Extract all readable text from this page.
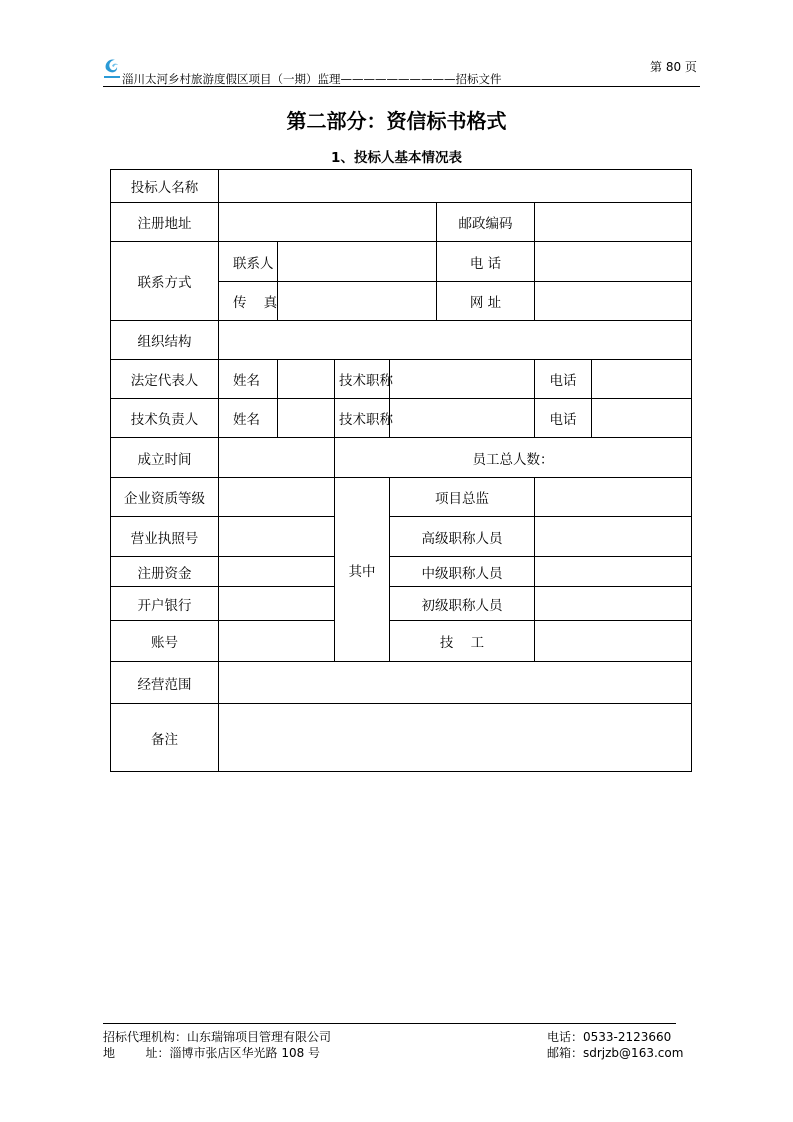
淄川太河乡村旅游度假区项目（一期）监理——————————招标文件
第 80 页
第二部分：资信标书格式
1、投标人基本情况表
投标人名称							
注册地址					邮政编码		
联系方式	联系人				电 话		
	传    真				网 址		
组织结构							
法定代表人	姓名		技术职称			电话	
技术负责人	姓名		技术职称			电话	
成立时间			员工总人数：				
企业资质等级			其中	项目总监			
营业执照号				高级职称人员			
注册资金				中级职称人员			
开户银行				初级职称人员			
账号				技    工			
经营范围							
备注							
招标代理机构：山东瑞锦项目管理有限公司
地        址：淄博市张店区华光路 108 号
电话：0533-2123660
邮箱：sdrjzb@163.com
